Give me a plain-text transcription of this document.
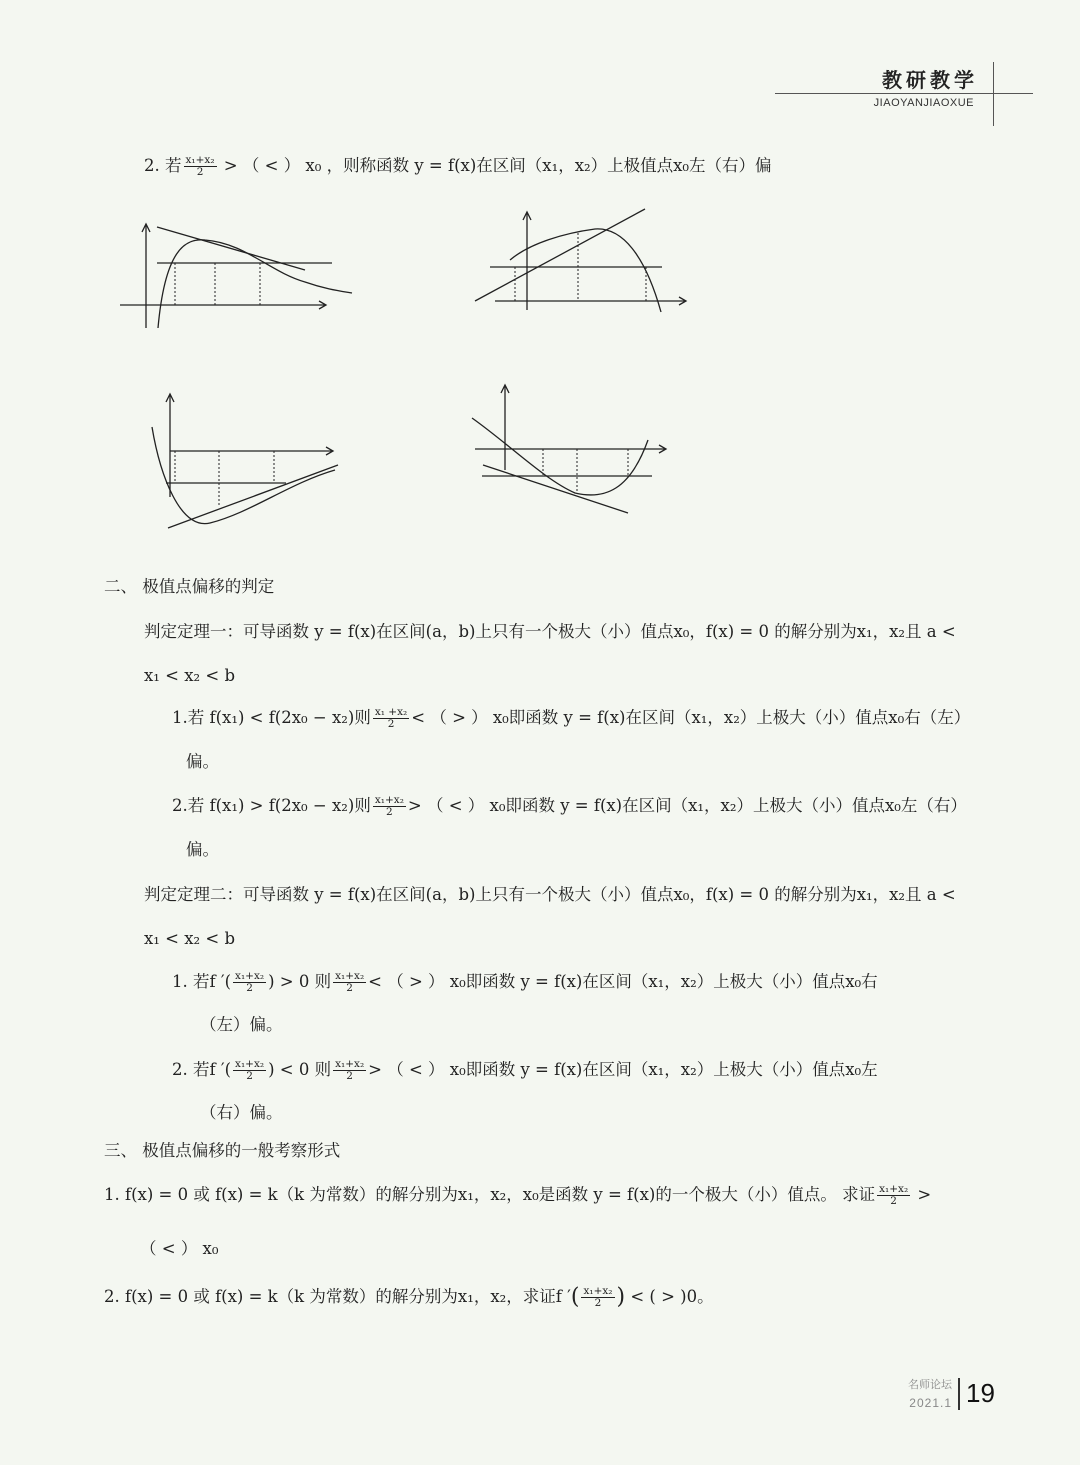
教研教学
JIAOYANJIAOXUE
2. 若 $\frac{\text{x₁+x₂}}{2}$ > （ < ） x₀ ，则称函数 y = f(x)在区间（x₁，x₂）上极值点x₀左（右）偏
二、 极值点偏移的判定
判定定理一：可导函数 y = f(x)在区间(a，b)上只有一个极大（小）值点x₀，f(x) = 0 的解分别为x₁，x₂且 a <
x₁ < x₂ < b
1.若 f(x₁) < f(2x₀ − x₂)则 $\frac{\text{x₁ +x₂}}{2}$ < （ > ） x₀即函数 y = f(x)在区间（x₁，x₂）上极大（小）值点x₀右（左）
偏。
2.若 f(x₁) > f(2x₀ − x₂)则 $\frac{\text{x₁+x₂}}{2}$ > （ < ） x₀即函数 y = f(x)在区间（x₁，x₂）上极大（小）值点x₀左（右）
偏。
判定定理二：可导函数 y = f(x)在区间(a，b)上只有一个极大（小）值点x₀，f(x) = 0 的解分别为x₁，x₂且 a <
x₁ < x₂ < b
1. 若f ′( $\frac{\text{x₁+x₂}}{2}$ ) > 0 则 $\frac{\text{x₁+x₂}}{2}$ < （ > ） x₀即函数 y = f(x)在区间（x₁，x₂）上极大（小）值点x₀右
（左）偏。
2. 若f ′( $\frac{\text{x₁+x₂}}{2}$ ) < 0 则 $\frac{\text{x₁+x₂}}{2}$ > （ < ） x₀即函数 y = f(x)在区间（x₁，x₂）上极大（小）值点x₀左
（右）偏。
三、 极值点偏移的一般考察形式
1. f(x) = 0 或 f(x) = k（k 为常数）的解分别为x₁，x₂，x₀是函数 y = f(x)的一个极大（小）值点。 求证 $\frac{\text{x₁+x₂}}{2}$ >
（ < ） x₀
2. f(x) = 0 或 f(x) = k（k 为常数）的解分别为x₁，x₂，求证f ′( $\frac{\text{x₁+x₂}}{2}$ ) < ( > )0。
名师论坛
2021.1 19
